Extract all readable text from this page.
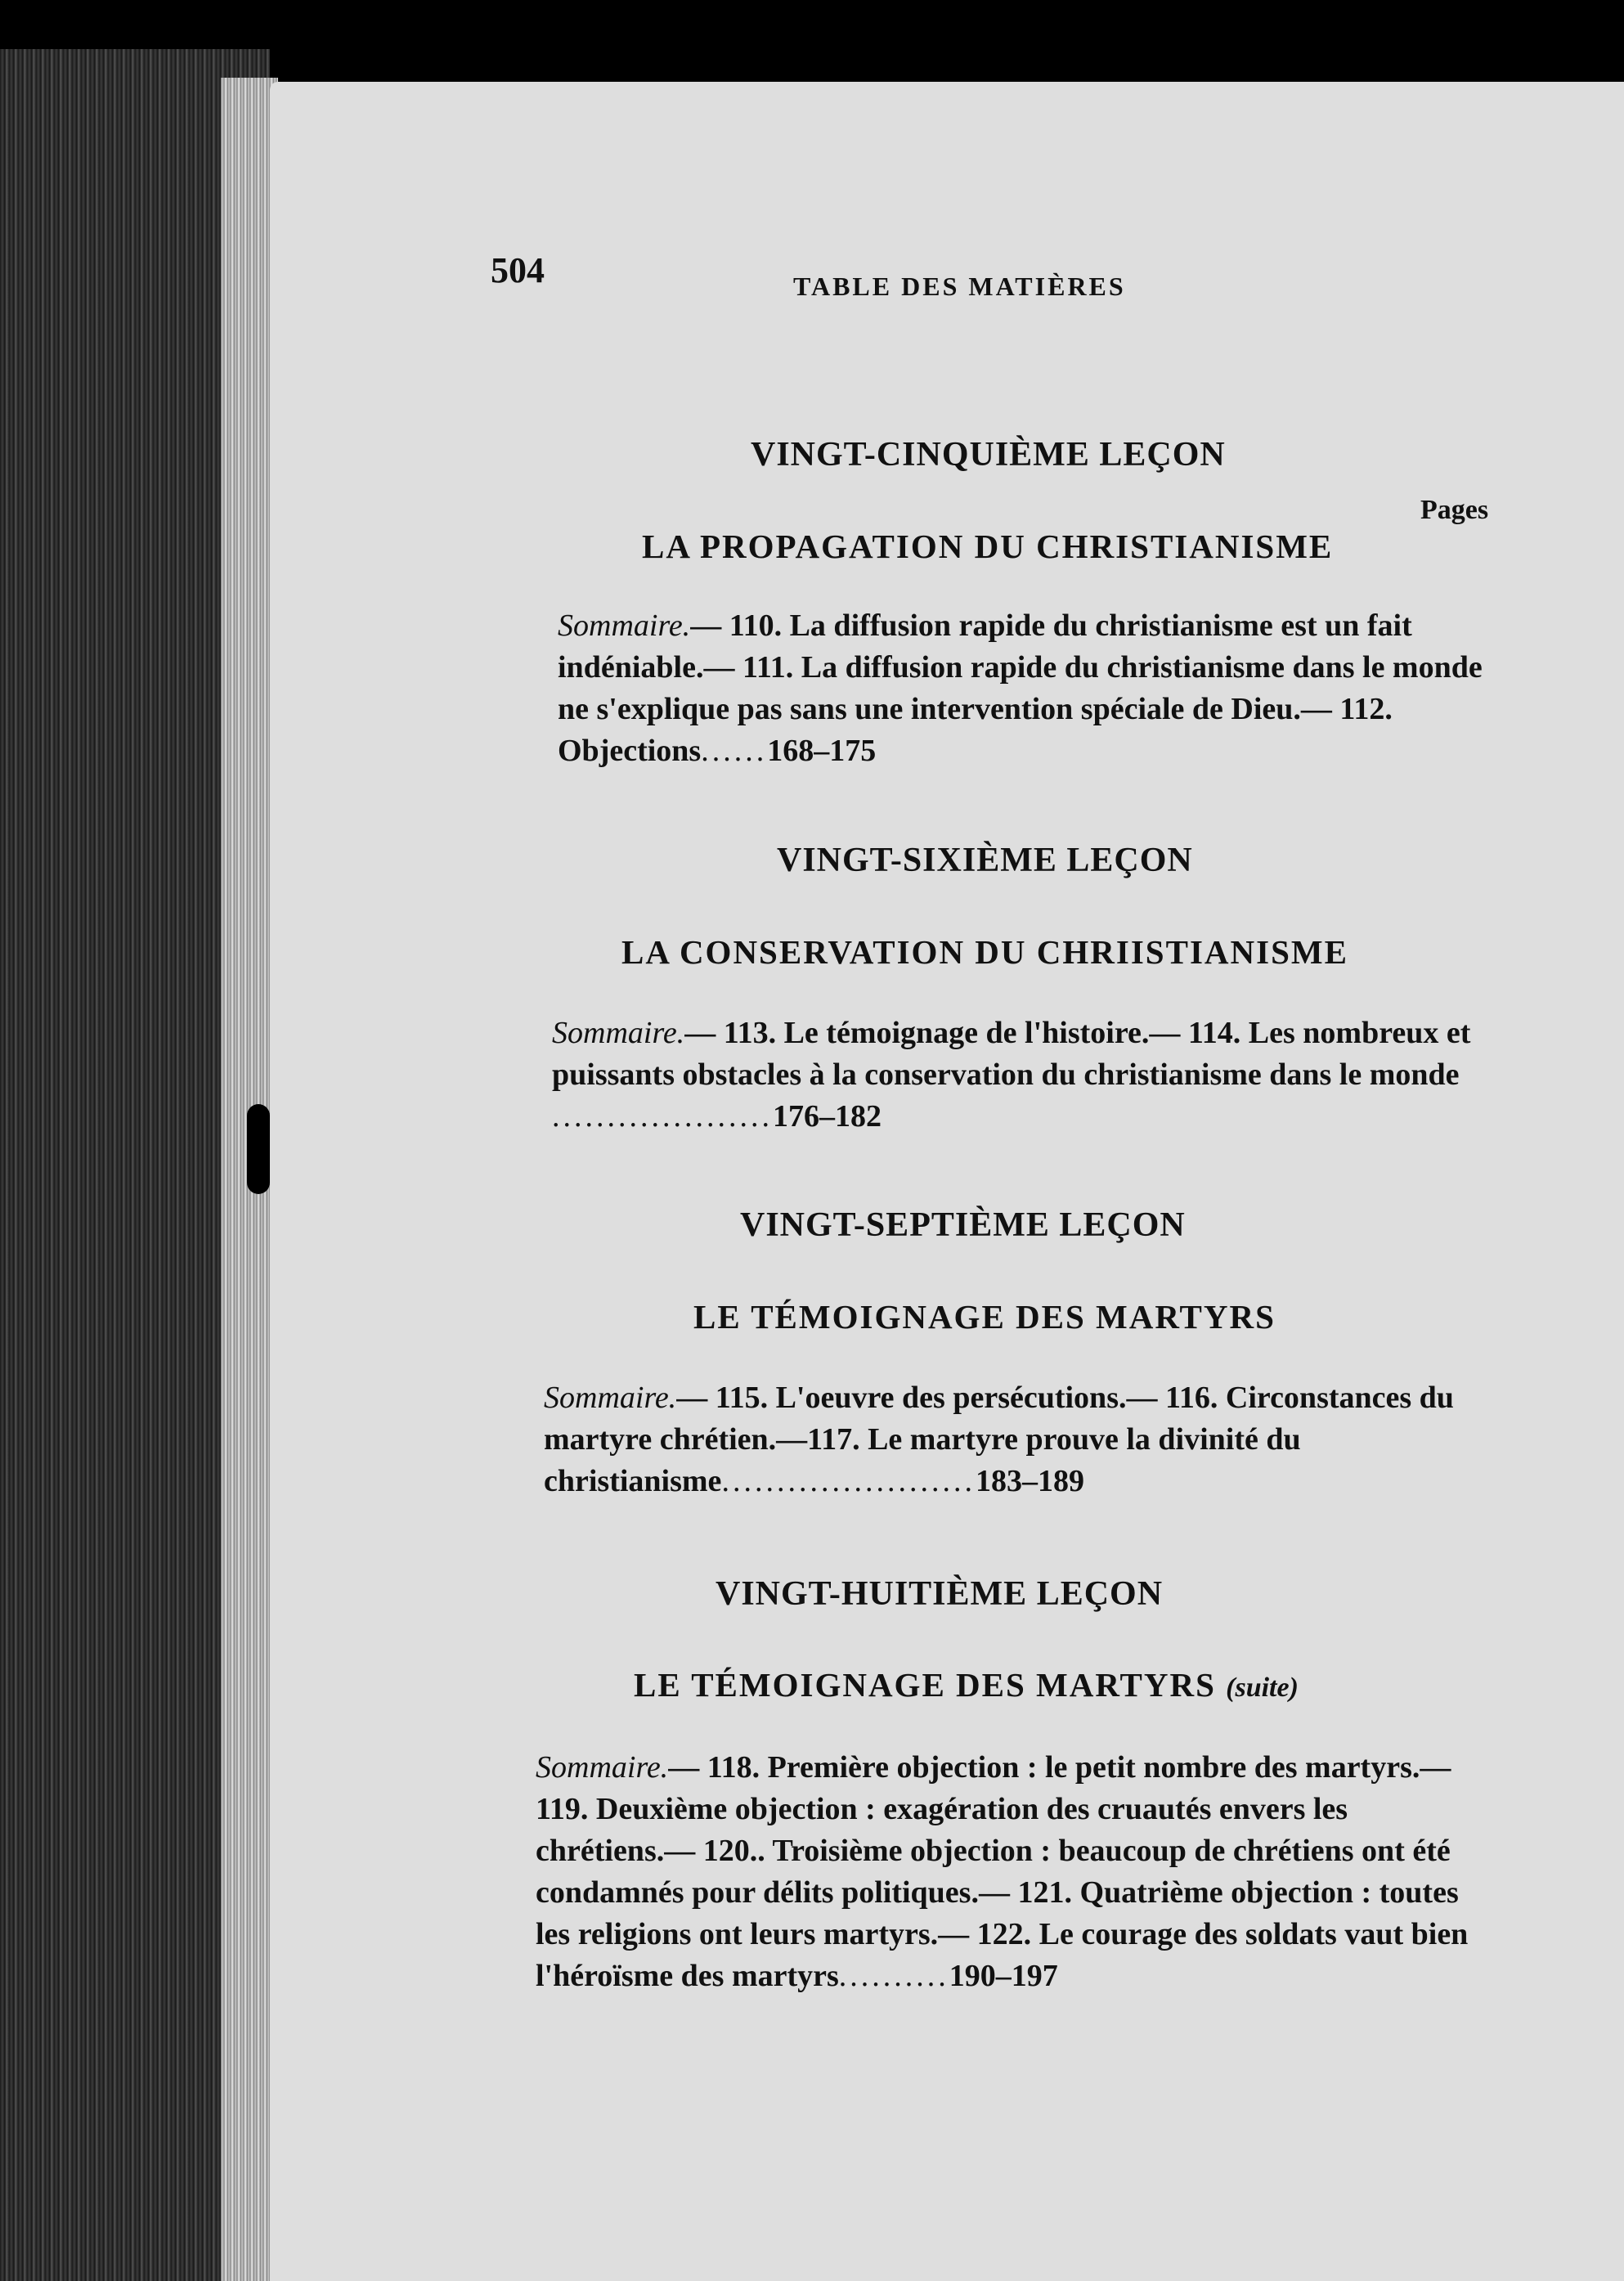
504	TABLE DES MATIÈRES
VINGT-CINQUIÈME LEÇON
LA PROPAGATION DU CHRISTIANISME
Pages
Sommaire.— 110. La diffusion rapide du christianisme est un fait indéniable.— 111. La diffusion rapide du christianisme dans le monde ne s'explique pas sans une intervention spéciale de Dieu.— 112. Objections......168–175
VINGT-SIXIÈME LEÇON
LA CONSERVATION DU CHRIISTIANISME
Sommaire.— 113. Le témoignage de l'histoire.— 114. Les nombreux et puissants obstacles à la conservation du christianisme dans le monde ....................176–182
VINGT-SEPTIÈME LEÇON
LE TÉMOIGNAGE DES MARTYRS
Sommaire.— 115. L'oeuvre des persécutions.— 116. Circonstances du martyre chrétien.—117. Le martyre prouve la divinité du christianisme.......................183–189
VINGT-HUITIÈME LEÇON
LE TÉMOIGNAGE DES MARTYRS (suite)
Sommaire.— 118. Première objection : le petit nombre des martyrs.— 119. Deuxième objection : exagération des cruautés envers les chrétiens.— 120.. Troisième objection : beaucoup de chrétiens ont été condamnés pour délits politiques.— 121. Quatrième objection : toutes les religions ont leurs martyrs.— 122. Le courage des soldats vaut bien l'héroïsme des martyrs..........190–197
